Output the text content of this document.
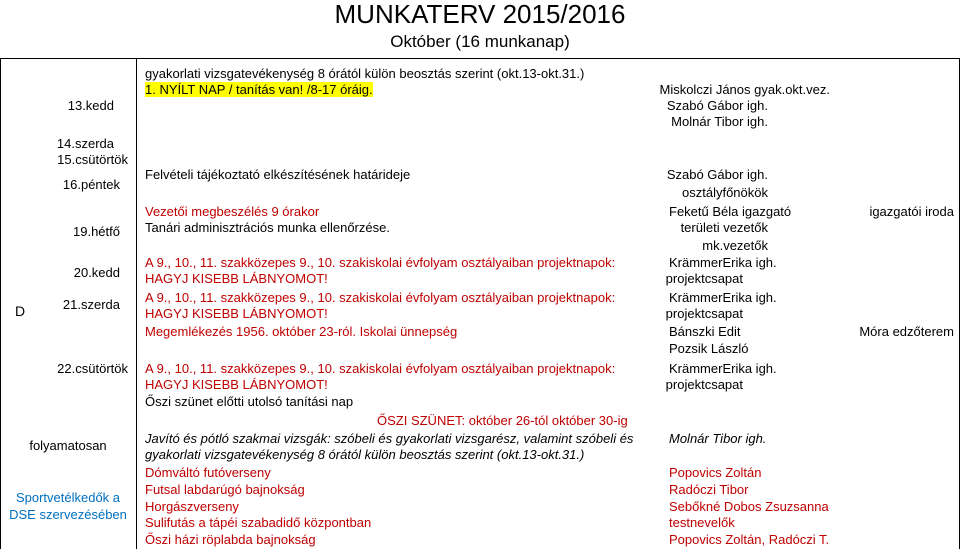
MUNKATERV 2015/2016
Október (16 munkanap)
D
13.kedd
14.szerda
15.csütörtök
16.péntek
19.hétfő
20.kedd
21.szerda
22.csütörtök
folyamatosan
Sportvetélkedők a
DSE szervezésében
gyakorlati vizsgatevékenység 8 órától külön beosztás szerint (okt.13-okt.31.)
1. NYÍLT NAP / tanítás van! /8-17 óráig.
Felvételi tájékoztató elkészítésének határideje
Vezetői megbeszélés 9 órakor
Tanári adminisztrációs munka ellenőrzése.
A 9., 10., 11. szakközepes 9., 10. szakiskolai évfolyam osztályaiban projektnapok:
HAGYJ KISEBB LÁBNYOMOT!
A 9., 10., 11. szakközepes 9., 10. szakiskolai évfolyam osztályaiban projektnapok:
HAGYJ KISEBB LÁBNYOMOT!
Megemlékezés 1956. október 23-ról. Iskolai ünnepség
A 9., 10., 11. szakközepes 9., 10. szakiskolai évfolyam osztályaiban projektnapok:
HAGYJ KISEBB LÁBNYOMOT!
Őszi szünet előtti utolsó tanítási nap
ŐSZI SZÜNET: október 26-tól október 30-ig
Javító és pótló szakmai vizsgák: szóbeli és gyakorlati vizsgarész, valamint szóbeli és
gyakorlati vizsgatevékenység 8 órától külön beosztás szerint (okt.13-okt.31.)
Dómváltó futóverseny
Futsal labdarúgó bajnokság
Horgászverseny
Sulifutás a tápéi szabadidő központban
Őszi házi röplabda bajnokság
Miskolczi János gyak.okt.vez.
Szabó Gábor igh.
Molnár Tibor igh.
Szabó Gábor igh.
osztályfőnökök
Feketű Béla igazgató
területi vezetők
mk.vezetők
KrämmerErika igh.
projektcsapat
KrämmerErika igh.
projektcsapat
Bánszki Edit
Pozsik László
KrämmerErika igh.
projektcsapat
Molnár Tibor igh.
Popovics Zoltán
Radóczi Tibor
Sebőkné Dobos Zsuzsanna
testnevelők
Popovics Zoltán, Radóczi T.
igazgatói iroda
Móra edzőterem
